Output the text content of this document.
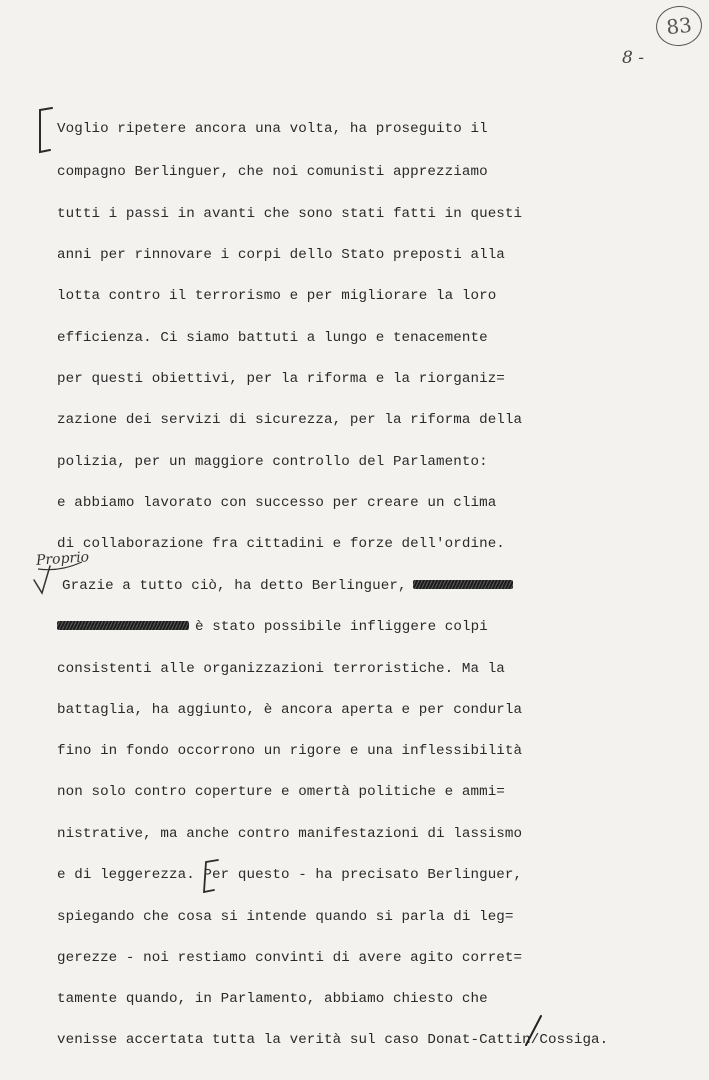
83
8 -
Voglio ripetere ancora una volta, ha proseguito il
compagno Berlinguer, che noi comunisti apprezziamo
tutti i passi in avanti che sono stati fatti in questi
anni per rinnovare i corpi dello Stato preposti alla
lotta contro il terrorismo e per migliorare la loro
efficienza. Ci siamo battuti a lungo e tenacemente
per questi obiettivi, per la riforma e la riorganiz=
zazione dei servizi di sicurezza, per la riforma della
polizia, per un maggiore controllo del Parlamento:
e abbiamo lavorato con successo per creare un clima
di collaborazione fra cittadini e forze dell'ordine.
Grazie a tutto ciò, ha detto Berlinguer,
è stato possibile infliggere colpi
consistenti alle organizzazioni terroristiche. Ma la
battaglia, ha aggiunto, è ancora aperta e per condurla
fino in fondo occorrono un rigore e una inflessibilità
non solo contro coperture e omertà politiche e ammi=
nistrative, ma anche contro manifestazioni di lassismo
e di leggerezza. Per questo - ha precisato Berlinguer,
spiegando che cosa si intende quando si parla di leg=
gerezze - noi restiamo convinti di avere agito corret=
tamente quando, in Parlamento, abbiamo chiesto che
venisse accertata tutta la verità sul caso Donat-Cattin/Cossiga.
Proprio
